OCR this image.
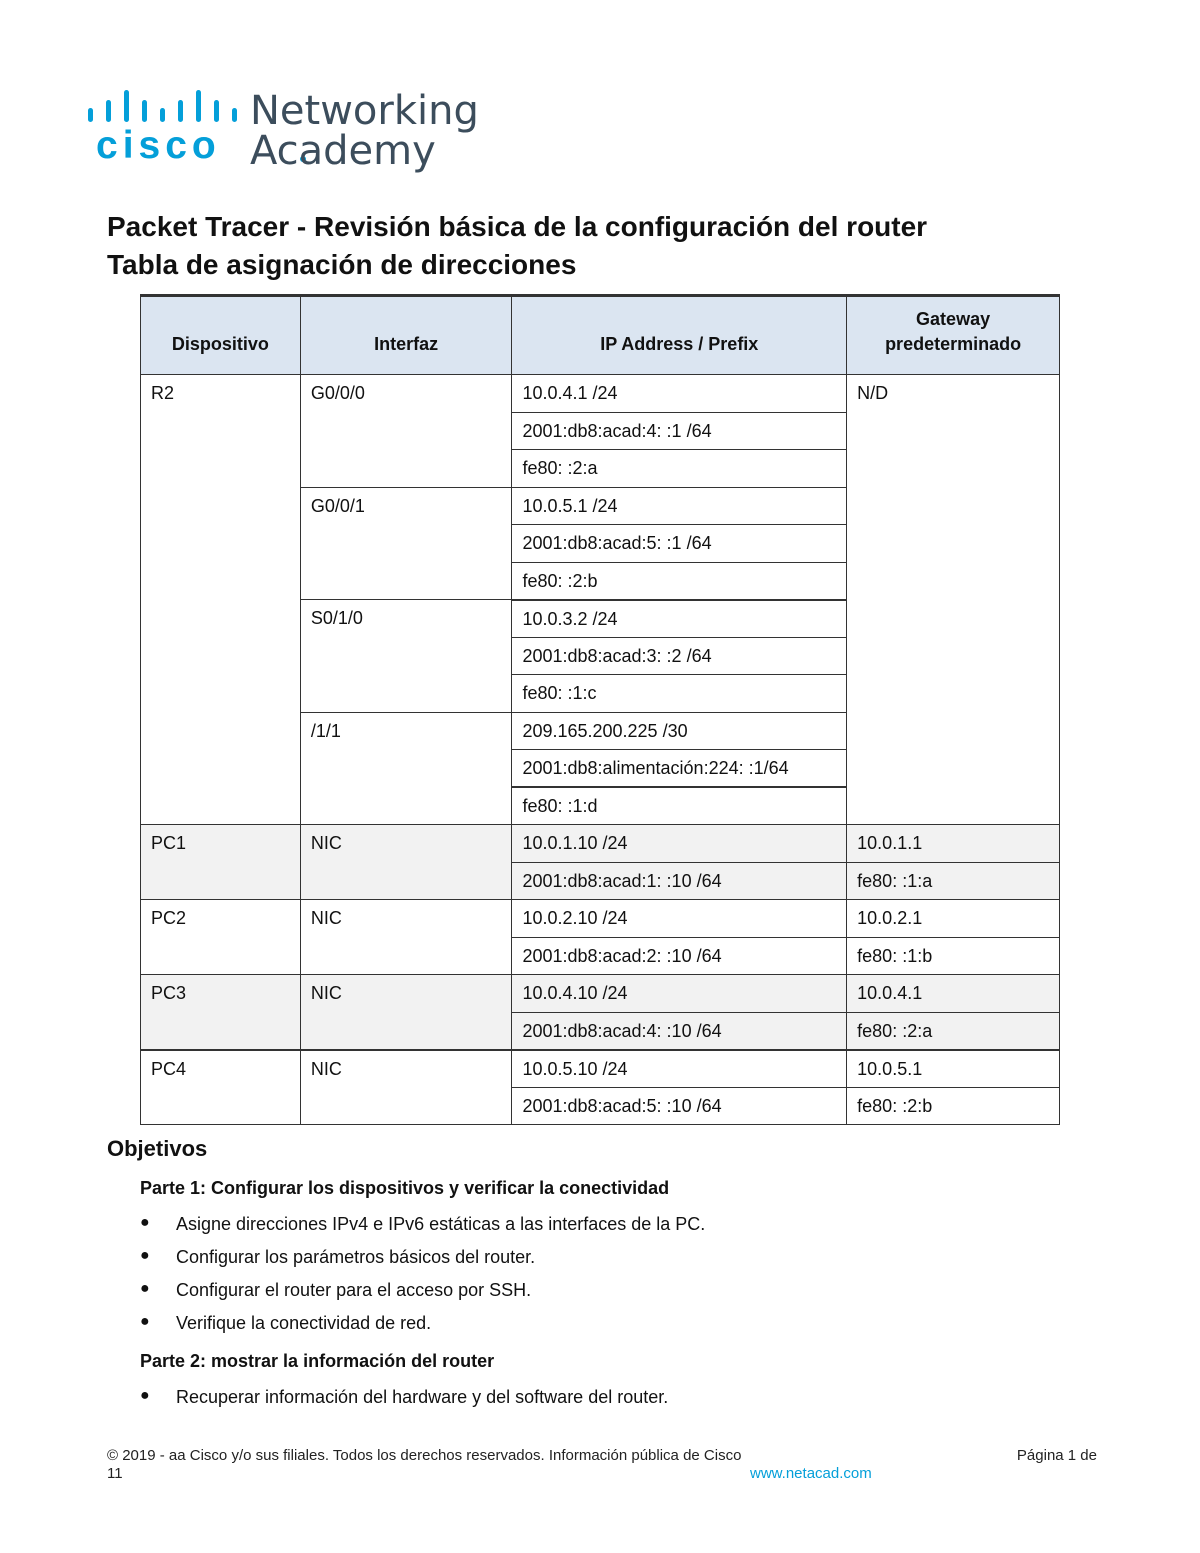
cisco
Networking
Academy
Packet Tracer - Revisión básica de la configuración del router
Tabla de asignación de direcciones
Dispositivo	Interfaz	IP Address / Prefix	Gateway predeterminado
R2	G0/0/0	10.0.4.1 /24	N/D
		2001:db8:acad:4: :1 /64	
		fe80: :2:a	
	G0/0/1	10.0.5.1 /24	
		2001:db8:acad:5: :1 /64	
		fe80: :2:b	
	S0/1/0	10.0.3.2 /24	
		2001:db8:acad:3: :2 /64	
		fe80: :1:c	
	/1/1	209.165.200.225 /30	
		2001:db8:alimentación:224: :1/64	
		fe80: :1:d	
PC1	NIC	10.0.1.10 /24	10.0.1.1
		2001:db8:acad:1: :10 /64	fe80: :1:a
PC2	NIC	10.0.2.10 /24	10.0.2.1
		2001:db8:acad:2: :10 /64	fe80: :1:b
PC3	NIC	10.0.4.10 /24	10.0.4.1
		2001:db8:acad:4: :10 /64	fe80: :2:a
PC4	NIC	10.0.5.10 /24	10.0.5.1
		2001:db8:acad:5: :10 /64	fe80: :2:b
Objetivos
Parte 1: Configurar los dispositivos y verificar la conectividad
●	Asigne direcciones IPv4 e IPv6 estáticas a las interfaces de la PC.
●	Configurar los parámetros básicos del router.
●	Configurar el router para el acceso por SSH.
●	Verifique la conectividad de red.
Parte 2: mostrar la información del router
●	Recuperar información del hardware y del software del router.
© 2019 - aa Cisco y/o sus filiales. Todos los derechos reservados. Información pública de Cisco	Página 1 de
11	www.netacad.com
